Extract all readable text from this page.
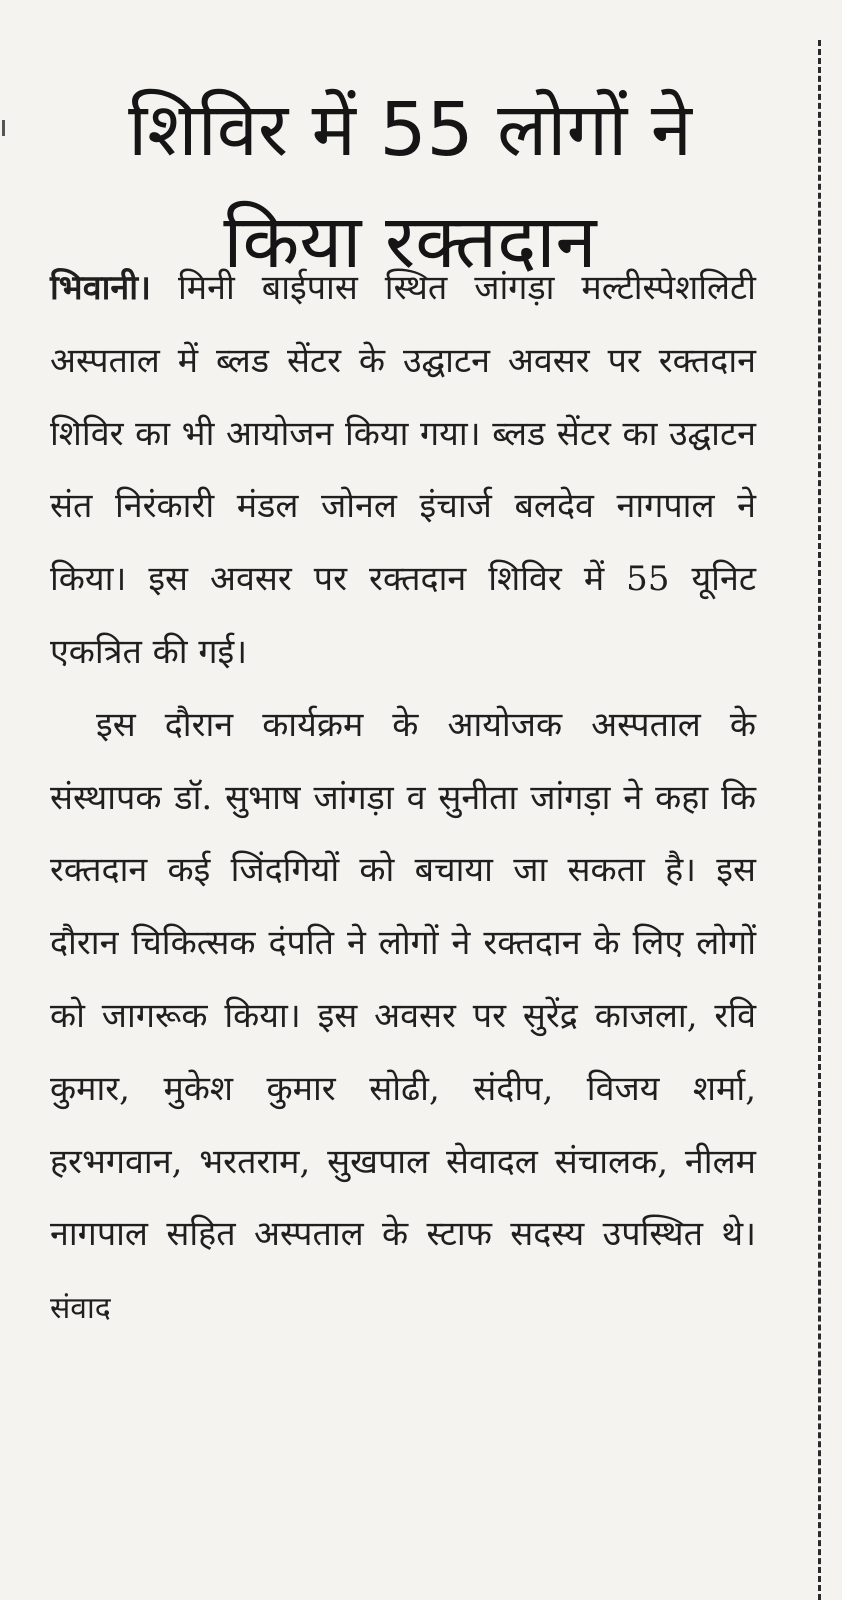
शिविर में 55 लोगों ने
किया रक्तदान

भिवानी। मिनी बाईपास स्थित जांगड़ा मल्टीस्पेशलिटी अस्पताल में ब्लड सेंटर के उद्घाटन अवसर पर रक्तदान शिविर का भी आयोजन किया गया। ब्लड सेंटर का उद्घाटन संत निरंकारी मंडल जोनल इंचार्ज बलदेव नागपाल ने किया। इस अवसर पर रक्तदान शिविर में 55 यूनिट एकत्रित की गई।

इस दौरान कार्यक्रम के आयोजक अस्पताल के संस्थापक डॉ. सुभाष जांगड़ा व सुनीता जांगड़ा ने कहा कि रक्तदान कई जिंदगियों को बचाया जा सकता है। इस दौरान चिकित्सक दंपति ने लोगों ने रक्तदान के लिए लोगों को जागरूक किया। इस अवसर पर सुरेंद्र काजला, रवि कुमार, मुकेश कुमार सोढी, संदीप, विजय शर्मा, हरभगवान, भरतराम, सुखपाल सेवादल संचालक, नीलम नागपाल सहित अस्पताल के स्टाफ सदस्य उपस्थित थे। संवाद
